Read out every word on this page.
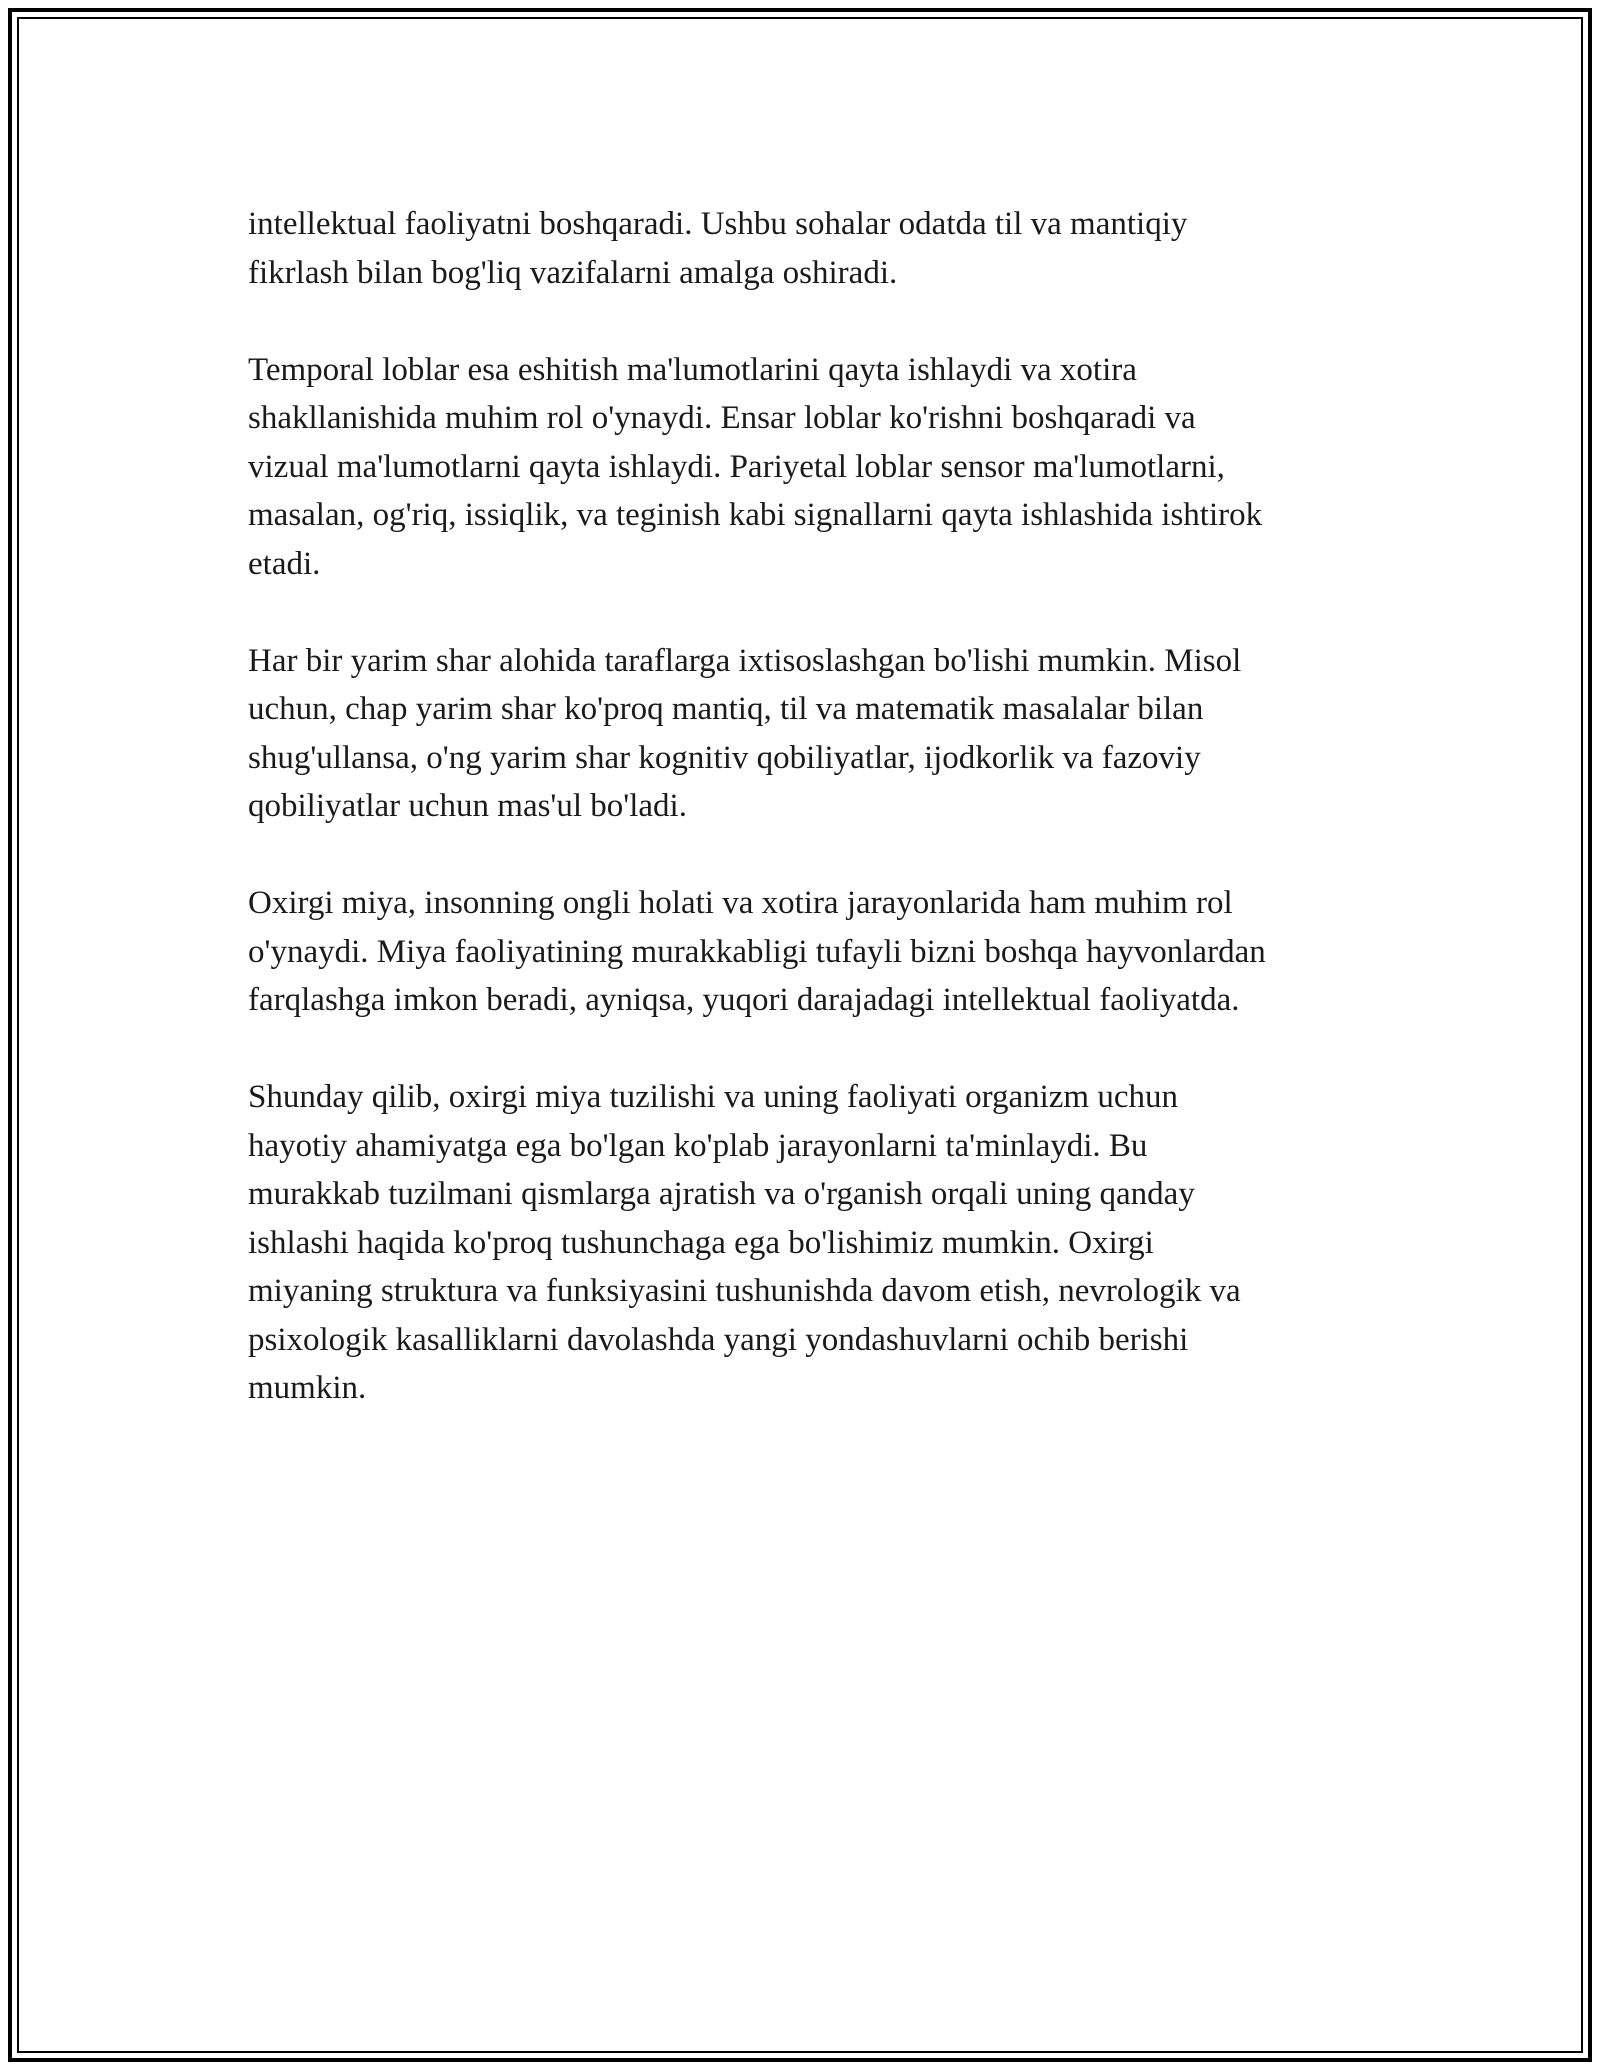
intellektual faoliyatni boshqaradi. Ushbu sohalar odatda til va mantiqiy
fikrlash bilan bog'liq vazifalarni amalga oshiradi.

Temporal loblar esa eshitish ma'lumotlarini qayta ishlaydi va xotira
shakllanishida muhim rol o'ynaydi. Ensar loblar ko'rishni boshqaradi va
vizual ma'lumotlarni qayta ishlaydi. Pariyetal loblar sensor ma'lumotlarni,
masalan, og'riq, issiqlik, va teginish kabi signallarni qayta ishlashida ishtirok
etadi.

Har bir yarim shar alohida taraflarga ixtisoslashgan bo'lishi mumkin. Misol
uchun, chap yarim shar ko'proq mantiq, til va matematik masalalar bilan
shug'ullansa, o'ng yarim shar kognitiv qobiliyatlar, ijodkorlik va fazoviy
qobiliyatlar uchun mas'ul bo'ladi.

Oxirgi miya, insonning ongli holati va xotira jarayonlarida ham muhim rol
o'ynaydi. Miya faoliyatining murakkabligi tufayli bizni boshqa hayvonlardan
farqlashga imkon beradi, ayniqsa, yuqori darajadagi intellektual faoliyatda.

Shunday qilib, oxirgi miya tuzilishi va uning faoliyati organizm uchun
hayotiy ahamiyatga ega bo'lgan ko'plab jarayonlarni ta'minlaydi. Bu
murakkab tuzilmani qismlarga ajratish va o'rganish orqali uning qanday
ishlashi haqida ko'proq tushunchaga ega bo'lishimiz mumkin. Oxirgi
miyaning struktura va funksiyasini tushunishda davom etish, nevrologik va
psixologik kasalliklarni davolashda yangi yondashuvlarni ochib berishi
mumkin.
